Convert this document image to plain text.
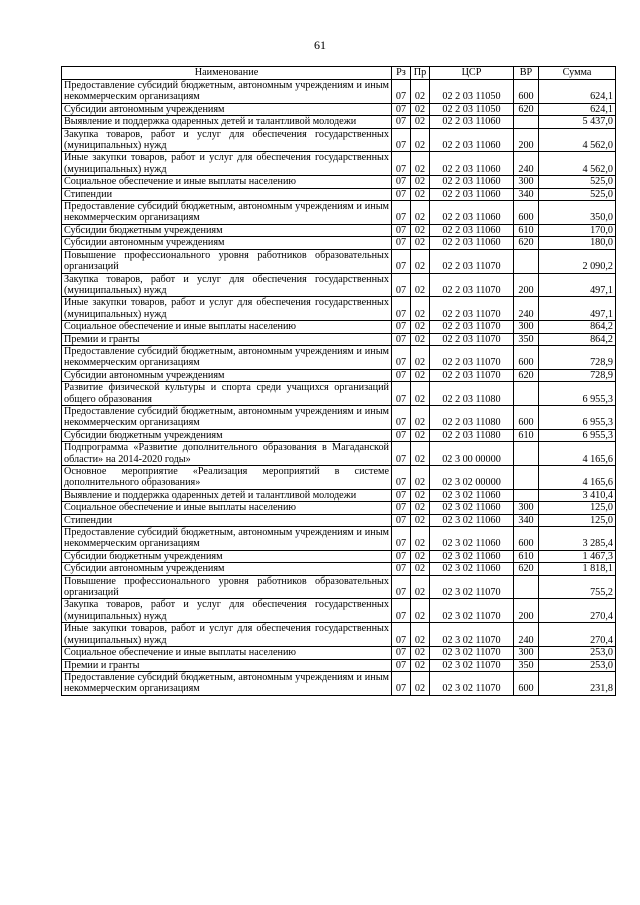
61
Наименование	Рз	Пр	ЦСР	ВР	Сумма
Предоставление субсидий бюджетным, автономным учреждениям и иным некоммерческим организациям	07	02	02 2 03 11050	600	624,1
Субсидии автономным учреждениям	07	02	02 2 03 11050	620	624,1
Выявление и поддержка одаренных детей и талантливой молодежи	07	02	02 2 03 11060		5 437,0
Закупка товаров, работ и услуг для обеспечения государственных (муниципальных) нужд	07	02	02 2 03 11060	200	4 562,0
Иные закупки товаров, работ и услуг для обеспечения государственных (муниципальных) нужд	07	02	02 2 03 11060	240	4 562,0
Социальное обеспечение и иные выплаты населению	07	02	02 2 03 11060	300	525,0
Стипендии	07	02	02 2 03 11060	340	525,0
Предоставление субсидий бюджетным, автономным учреждениям и иным некоммерческим организациям	07	02	02 2 03 11060	600	350,0
Субсидии бюджетным учреждениям	07	02	02 2 03 11060	610	170,0
Субсидии автономным учреждениям	07	02	02 2 03 11060	620	180,0
Повышение профессионального уровня работников образовательных организаций	07	02	02 2 03 11070		2 090,2
Закупка товаров, работ и услуг для обеспечения государственных (муниципальных) нужд	07	02	02 2 03 11070	200	497,1
Иные закупки товаров, работ и услуг для обеспечения государственных (муниципальных) нужд	07	02	02 2 03 11070	240	497,1
Социальное обеспечение и иные выплаты населению	07	02	02 2 03 11070	300	864,2
Премии и гранты	07	02	02 2 03 11070	350	864,2
Предоставление субсидий бюджетным, автономным учреждениям и иным некоммерческим организациям	07	02	02 2 03 11070	600	728,9
Субсидии автономным учреждениям	07	02	02 2 03 11070	620	728,9
Развитие физической культуры и спорта среди учащихся организаций общего образования	07	02	02 2 03 11080		6 955,3
Предоставление субсидий бюджетным, автономным учреждениям и иным некоммерческим организациям	07	02	02 2 03 11080	600	6 955,3
Субсидии бюджетным учреждениям	07	02	02 2 03 11080	610	6 955,3
Подпрограмма «Развитие дополнительного образования в Магаданской области» на 2014-2020 годы»	07	02	02 3 00 00000		4 165,6
Основное мероприятие «Реализация мероприятий в системе дополнительного образования»	07	02	02 3 02 00000		4 165,6
Выявление и поддержка одаренных детей и талантливой молодежи	07	02	02 3 02 11060		3 410,4
Социальное обеспечение и иные выплаты населению	07	02	02 3 02 11060	300	125,0
Стипендии	07	02	02 3 02 11060	340	125,0
Предоставление субсидий бюджетным, автономным учреждениям и иным некоммерческим организациям	07	02	02 3 02 11060	600	3 285,4
Субсидии бюджетным учреждениям	07	02	02 3 02 11060	610	1 467,3
Субсидии автономным учреждениям	07	02	02 3 02 11060	620	1 818,1
Повышение профессионального уровня работников образовательных организаций	07	02	02 3 02 11070		755,2
Закупка товаров, работ и услуг для обеспечения государственных (муниципальных) нужд	07	02	02 3 02 11070	200	270,4
Иные закупки товаров, работ и услуг для обеспечения государственных (муниципальных) нужд	07	02	02 3 02 11070	240	270,4
Социальное обеспечение и иные выплаты населению	07	02	02 3 02 11070	300	253,0
Премии и гранты	07	02	02 3 02 11070	350	253,0
Предоставление субсидий бюджетным, автономным учреждениям и иным некоммерческим организациям	07	02	02 3 02 11070	600	231,8
